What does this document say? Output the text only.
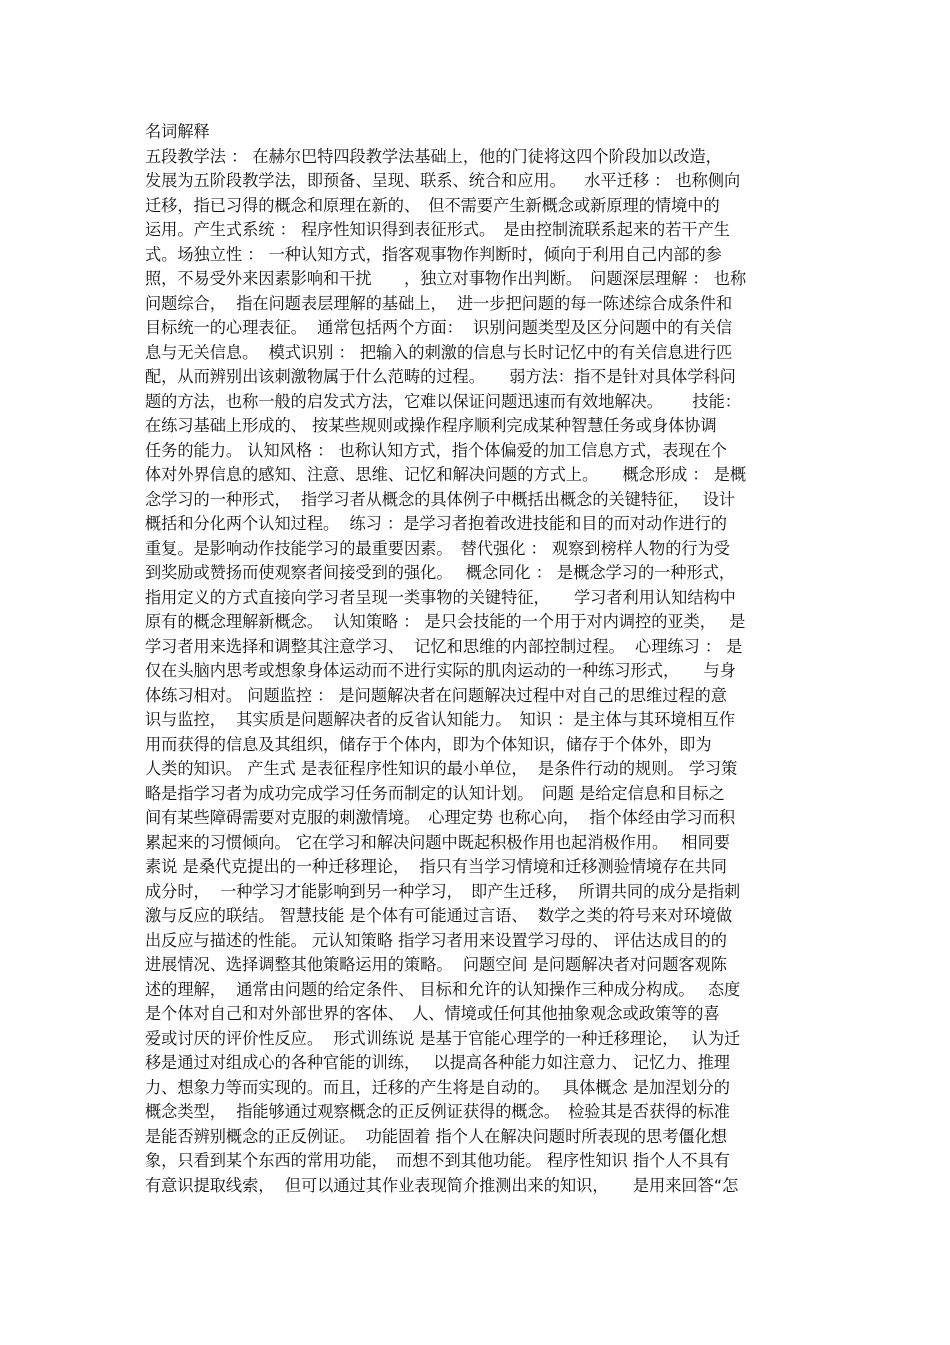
名词解释
五段教学法 ： 在赫尔巴特四段教学法基础上，他的门徒将这四个阶段加以改造，
发展为五阶段教学法，即预备、呈现、联系、统合和应用。　  水平迁移 ： 也称侧向
迁移，指已习得的概念和原理在新的、　但不需要产生新概念或新原理的情境中的
运用。产生式系统 ： 程序性知识得到表征形式。　是由控制流联系起来的若干产生
式。场独立性 ： 一种认知方式，指客观事物作判断时，倾向于利用自己内部的参
照，不易受外来因素影响和干扰　　，独立对事物作出判断。　问题深层理解 ： 也称
问题综合，  指在问题表层理解的基础上，  进一步把问题的每一陈述综合成条件和
目标统一的心理表征。  通常包括两个方面：  识别问题类型及区分问题中的有关信
息与无关信息。  模式识别 ： 把输入的刺激的信息与长时记忆中的有关信息进行匹
配，从而辨别出该刺激物属于什么范畴的过程。　　弱方法：指不是针对具体学科问
题的方法，也称一般的启发式方法，它难以保证问题迅速而有效地解决。　　 技能：
在练习基础上形成的、 按某些规则或操作程序顺利完成某种智慧任务或身体协调
任务的能力。 认知风格 ： 也称认知方式，指个体偏爱的加工信息方式，表现在个
体对外界信息的感知、注意、思维、记忆和解决问题的方式上。　　概念形成 ： 是概
念学习的一种形式，  指学习者从概念的具体例子中概括出概念的关键特征，　 设计
概括和分化两个认知过程。  练习 ：是学习者抱着改进技能和目的而对动作进行的
重复。是影响动作技能学习的最重要因素。　替代强化 ： 观察到榜样人物的行为受
到奖励或赞扬而使观察者间接受到的强化。　 概念同化 ： 是概念学习的一种形式，
指用定义的方式直接向学习者呈现一类事物的关键特征，　　学习者利用认知结构中
原有的概念理解新概念。  认知策略 ： 是只会技能的一个用于对内调控的亚类，　 是
学习者用来选择和调整其注意学习、  记忆和思维的内部控制过程。  心理练习 ： 是
仅在头脑内思考或想象身体运动而不进行实际的肌肉运动的一种练习形式，　　与身
体练习相对。 问题监控 ： 是问题解决者在问题解决过程中对自己的思维过程的意
识与监控，  其实质是问题解决者的反省认知能力。　知识 ：是主体与其环境相互作
用而获得的信息及其组织，储存于个体内，即为个体知识，储存于个体外，即为
人类的知识。 产生式 是表征程序性知识的最小单位，  是条件行动的规则。 学习策
略是指学习者为成功完成学习任务而制定的认知计划。　问题 是给定信息和目标之
间有某些障碍需要对克服的刺激情境。　心理定势 也称心向，  指个体经由学习而积
累起来的习惯倾向。 它在学习和解决问题中既起积极作用也起消极作用。　 相同要
素说 是桑代克提出的一种迁移理论，  指只有当学习情境和迁移测验情境存在共同
成分时，  一种学习才能影响到另一种学习，　即产生迁移，  所谓共同的成分是指刺
激与反应的联结。 智慧技能 是个体有可能通过言语、  数学之类的符号来对环境做
出反应与描述的性能。 元认知策略 指学习者用来设置学习母的、 评估达成目的的
进展情况、选择调整其他策略运用的策略。  问题空间 是问题解决者对问题客观陈
述的理解，  通常由问题的给定条件、 目标和允许的认知操作三种成分构成。　 态度
是个体对自己和对外部世界的客体、　人、情境或任何其他抽象观念或政策等的喜
爱或讨厌的评价性反应。  形式训练说 是基于官能心理学的一种迁移理论，　 认为迁
移是通过对组成心的各种官能的训练，　 以提高各种能力如注意力、 记忆力、推理
力、想象力等而实现的。而且，迁移的产生将是自动的。　 具体概念 是加涅划分的
概念类型，  指能够通过观察概念的正反例证获得的概念。　检验其是否获得的标准
是能否辨别概念的正反例证。  功能固着 指个人在解决问题时所表现的思考僵化想
象，只看到某个东西的常用功能，　而想不到其他功能。 程序性知识 指个人不具有
有意识提取线索，  但可以通过其作业表现简介推测出来的知识，　　是用来回答“怎
